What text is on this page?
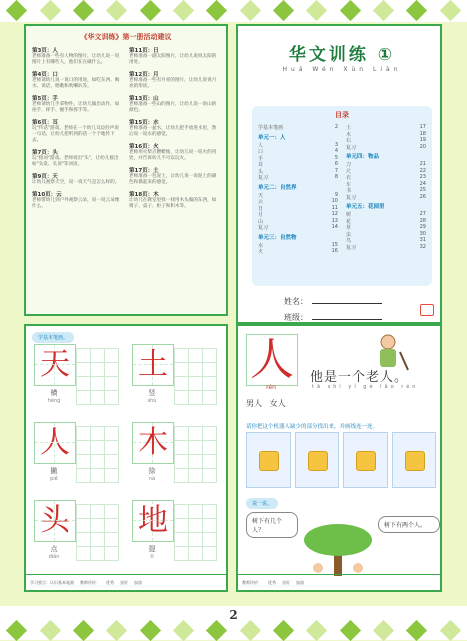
2
《华文训练》第一册活动建议
第3页：人
老师准备一些有人物的图片，让幼儿说一说图片上有哪些人，他们在在做什么。
第4页：口
老师请幼儿说一说口的用途，如吃东西、喝水、说话、唱歌和吹喇叭等。
第5页：手
老师请幼儿手拿物件，让幼儿做出动作，如拍手、挥手、握手和挥手等。
第6页：耳
玩"传话"游戏。老师在一个幼儿耳边轻声说一句话，让幼儿把听到的话一个个地传下去。
第7页：头
玩"接词"游戏。老师说出"头"，让幼儿接出如"头发、头顶"等词语。
第9页：天
让幼儿观察天空，说一说天气是怎么样的。
第10页：云
老师带幼儿到户外观察云朵，说一说云朵像什么。
第11页：日
老师准备一副太阳图片，让幼儿说说太阳的用处。
第12页：月
老师准备一些有月亮的图片，让幼儿说说月亮的形状。
第13页：山
老师准备一些山的图片，让幼儿说一说山的颜色。
第15页：水
老师准备一盆水，让幼儿把手放进水里，然后说一说水的感觉。
第16页：火
老师用火柴点燃蜡烛，让幼儿说一说火的用处，并告诉幼儿不可以玩火。
第17页：土
老师准备一包泥土，让幼儿说一说泥土的颜色和摸起来的感觉。
第18页：木
让幼儿在教室里找一找用木头做的东西，如椅子、桌子、柜子和积木等。
华文训练 ①
Huá Wén Xùn Liàn
目录
学基本笔画	2
单元一：人
人	3
口	4
手	5
耳	6
头	7
复习	8
单元二：自然界
天	9
云	10
日	11
月	12
山	13
复习	14
单元三：自然物
水	15
火	16
土	17
木	18
石	19
复习	20
单元四：物品
刀	21
尺	22
衣	23
车	24
书	25
复习	26
单元五：花园里
树	27
花	28
草	29
虫	30
鸟	31
复习	32
姓名：
班级：
学基本笔画。
天
横
héng
土
竖
shù
人
撇
piě
木
捺
nà
头
点
diǎn
地
提
tí
学习要点：认识基本笔画 教师评价： 优秀 良好 加油
人
rén
他是一个老人。
tā shì yí gè lǎo rén
男人 女人
请你把这个机器人缺少的部分找出来，并画线连一连。
说一说。
树下有几个人？
树下有两个人。
教师评价： 优秀 良好 加油
